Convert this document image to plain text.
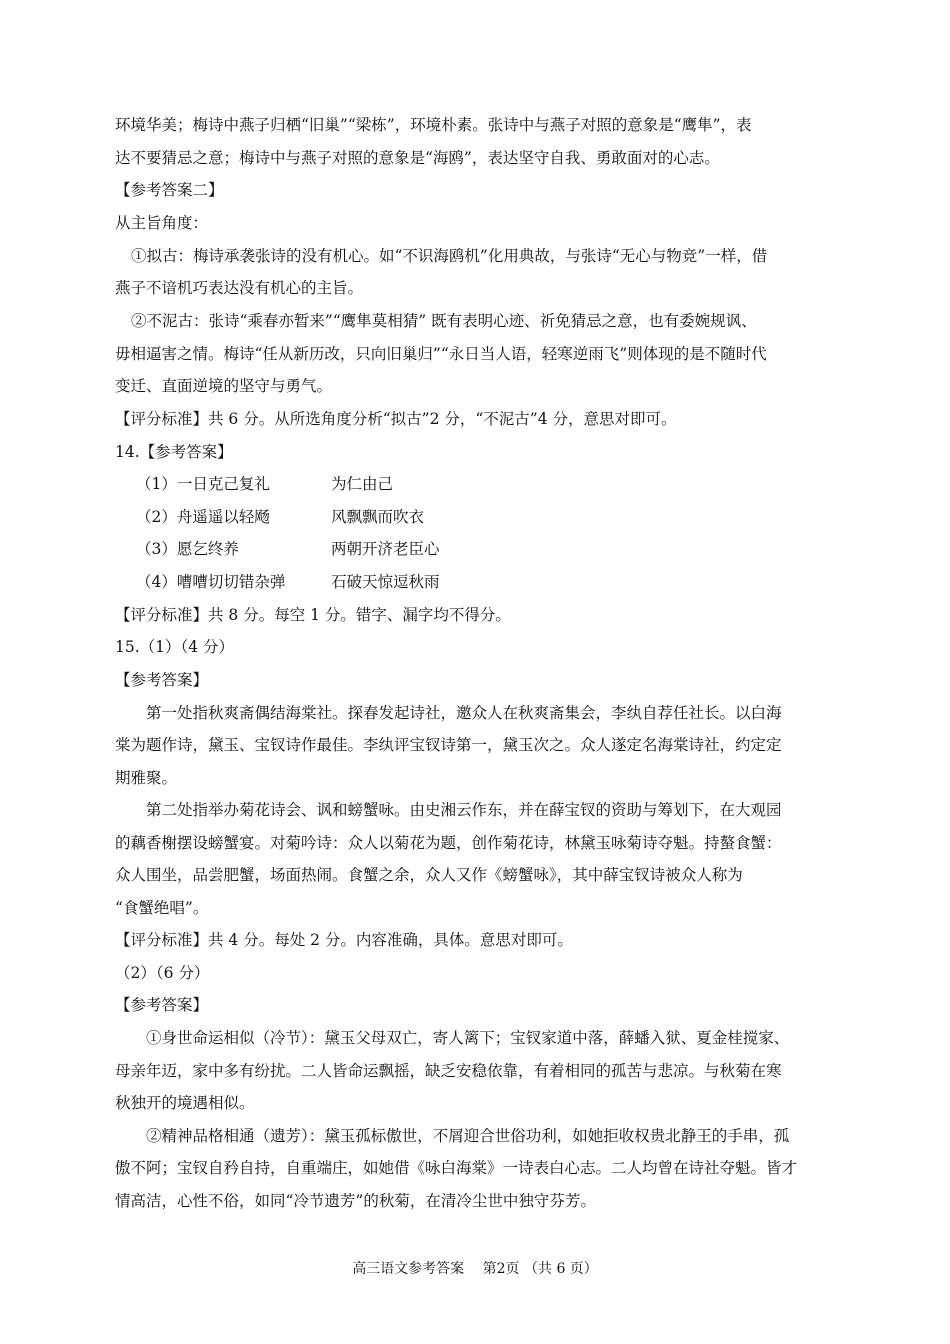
环境华美；梅诗中燕子归栖“旧巢”“梁栋”，环境朴素。张诗中与燕子对照的意象是“鹰隼”，表
达不要猜忌之意；梅诗中与燕子对照的意象是“海鸥”，表达坚守自我、勇敢面对的心志。
【参考答案二】
从主旨角度：
①拟古：梅诗承袭张诗的没有机心。如“不识海鸥机”化用典故，与张诗“无心与物竞”一样，借
燕子不谙机巧表达没有机心的主旨。
②不泥古：张诗“乘春亦暂来”“鹰隼莫相猜” 既有表明心迹、祈免猜忌之意，也有委婉规讽、
毋相逼害之情。梅诗“任从新历改，只向旧巢归”“永日当人语，轻寒逆雨飞”则体现的是不随时代
变迁、直面逆境的坚守与勇气。
【评分标准】共 6 分。从所选角度分析“拟古”2 分，“不泥古”4 分，意思对即可。
14.【参考答案】
（1）一日克己复礼	为仁由己
（2）舟遥遥以轻飏	风飘飘而吹衣
（3）愿乞终养	两朝开济老臣心
（4）嘈嘈切切错杂弹	石破天惊逗秋雨
【评分标准】共 8 分。每空 1 分。错字、漏字均不得分。
15.（1）（4 分）
【参考答案】
第一处指秋爽斋偶结海棠社。探春发起诗社，邀众人在秋爽斋集会，李纨自荐任社长。以白海
棠为题作诗，黛玉、宝钗诗作最佳。李纨评宝钗诗第一，黛玉次之。众人遂定名海棠诗社，约定定
期雅聚。
第二处指举办菊花诗会、讽和螃蟹咏。由史湘云作东，并在薛宝钗的资助与筹划下，在大观园
的藕香榭摆设螃蟹宴。对菊吟诗：众人以菊花为题，创作菊花诗，林黛玉咏菊诗夺魁。持螯食蟹：
众人围坐，品尝肥蟹，场面热闹。食蟹之余，众人又作《螃蟹咏》，其中薛宝钗诗被众人称为
“食蟹绝唱”。
【评分标准】共 4 分。每处 2 分。内容准确，具体。意思对即可。
（2）（6 分）
【参考答案】
①身世命运相似（冷节）：黛玉父母双亡，寄人篱下；宝钗家道中落，薛蟠入狱、夏金桂搅家、
母亲年迈，家中多有纷扰。二人皆命运飘摇，缺乏安稳依靠，有着相同的孤苦与悲凉。与秋菊在寒
秋独开的境遇相似。
②精神品格相通（遗芳）：黛玉孤标傲世，不屑迎合世俗功利，如她拒收权贵北静王的手串，孤
傲不阿；宝钗自矜自持，自重端庄，如她借《咏白海棠》一诗表白心志。二人均曾在诗社夺魁。皆才
情高洁，心性不俗，如同“冷节遗芳”的秋菊，在清冷尘世中独守芬芳。
高三语文参考答案　 第2页 （共 6 页）
